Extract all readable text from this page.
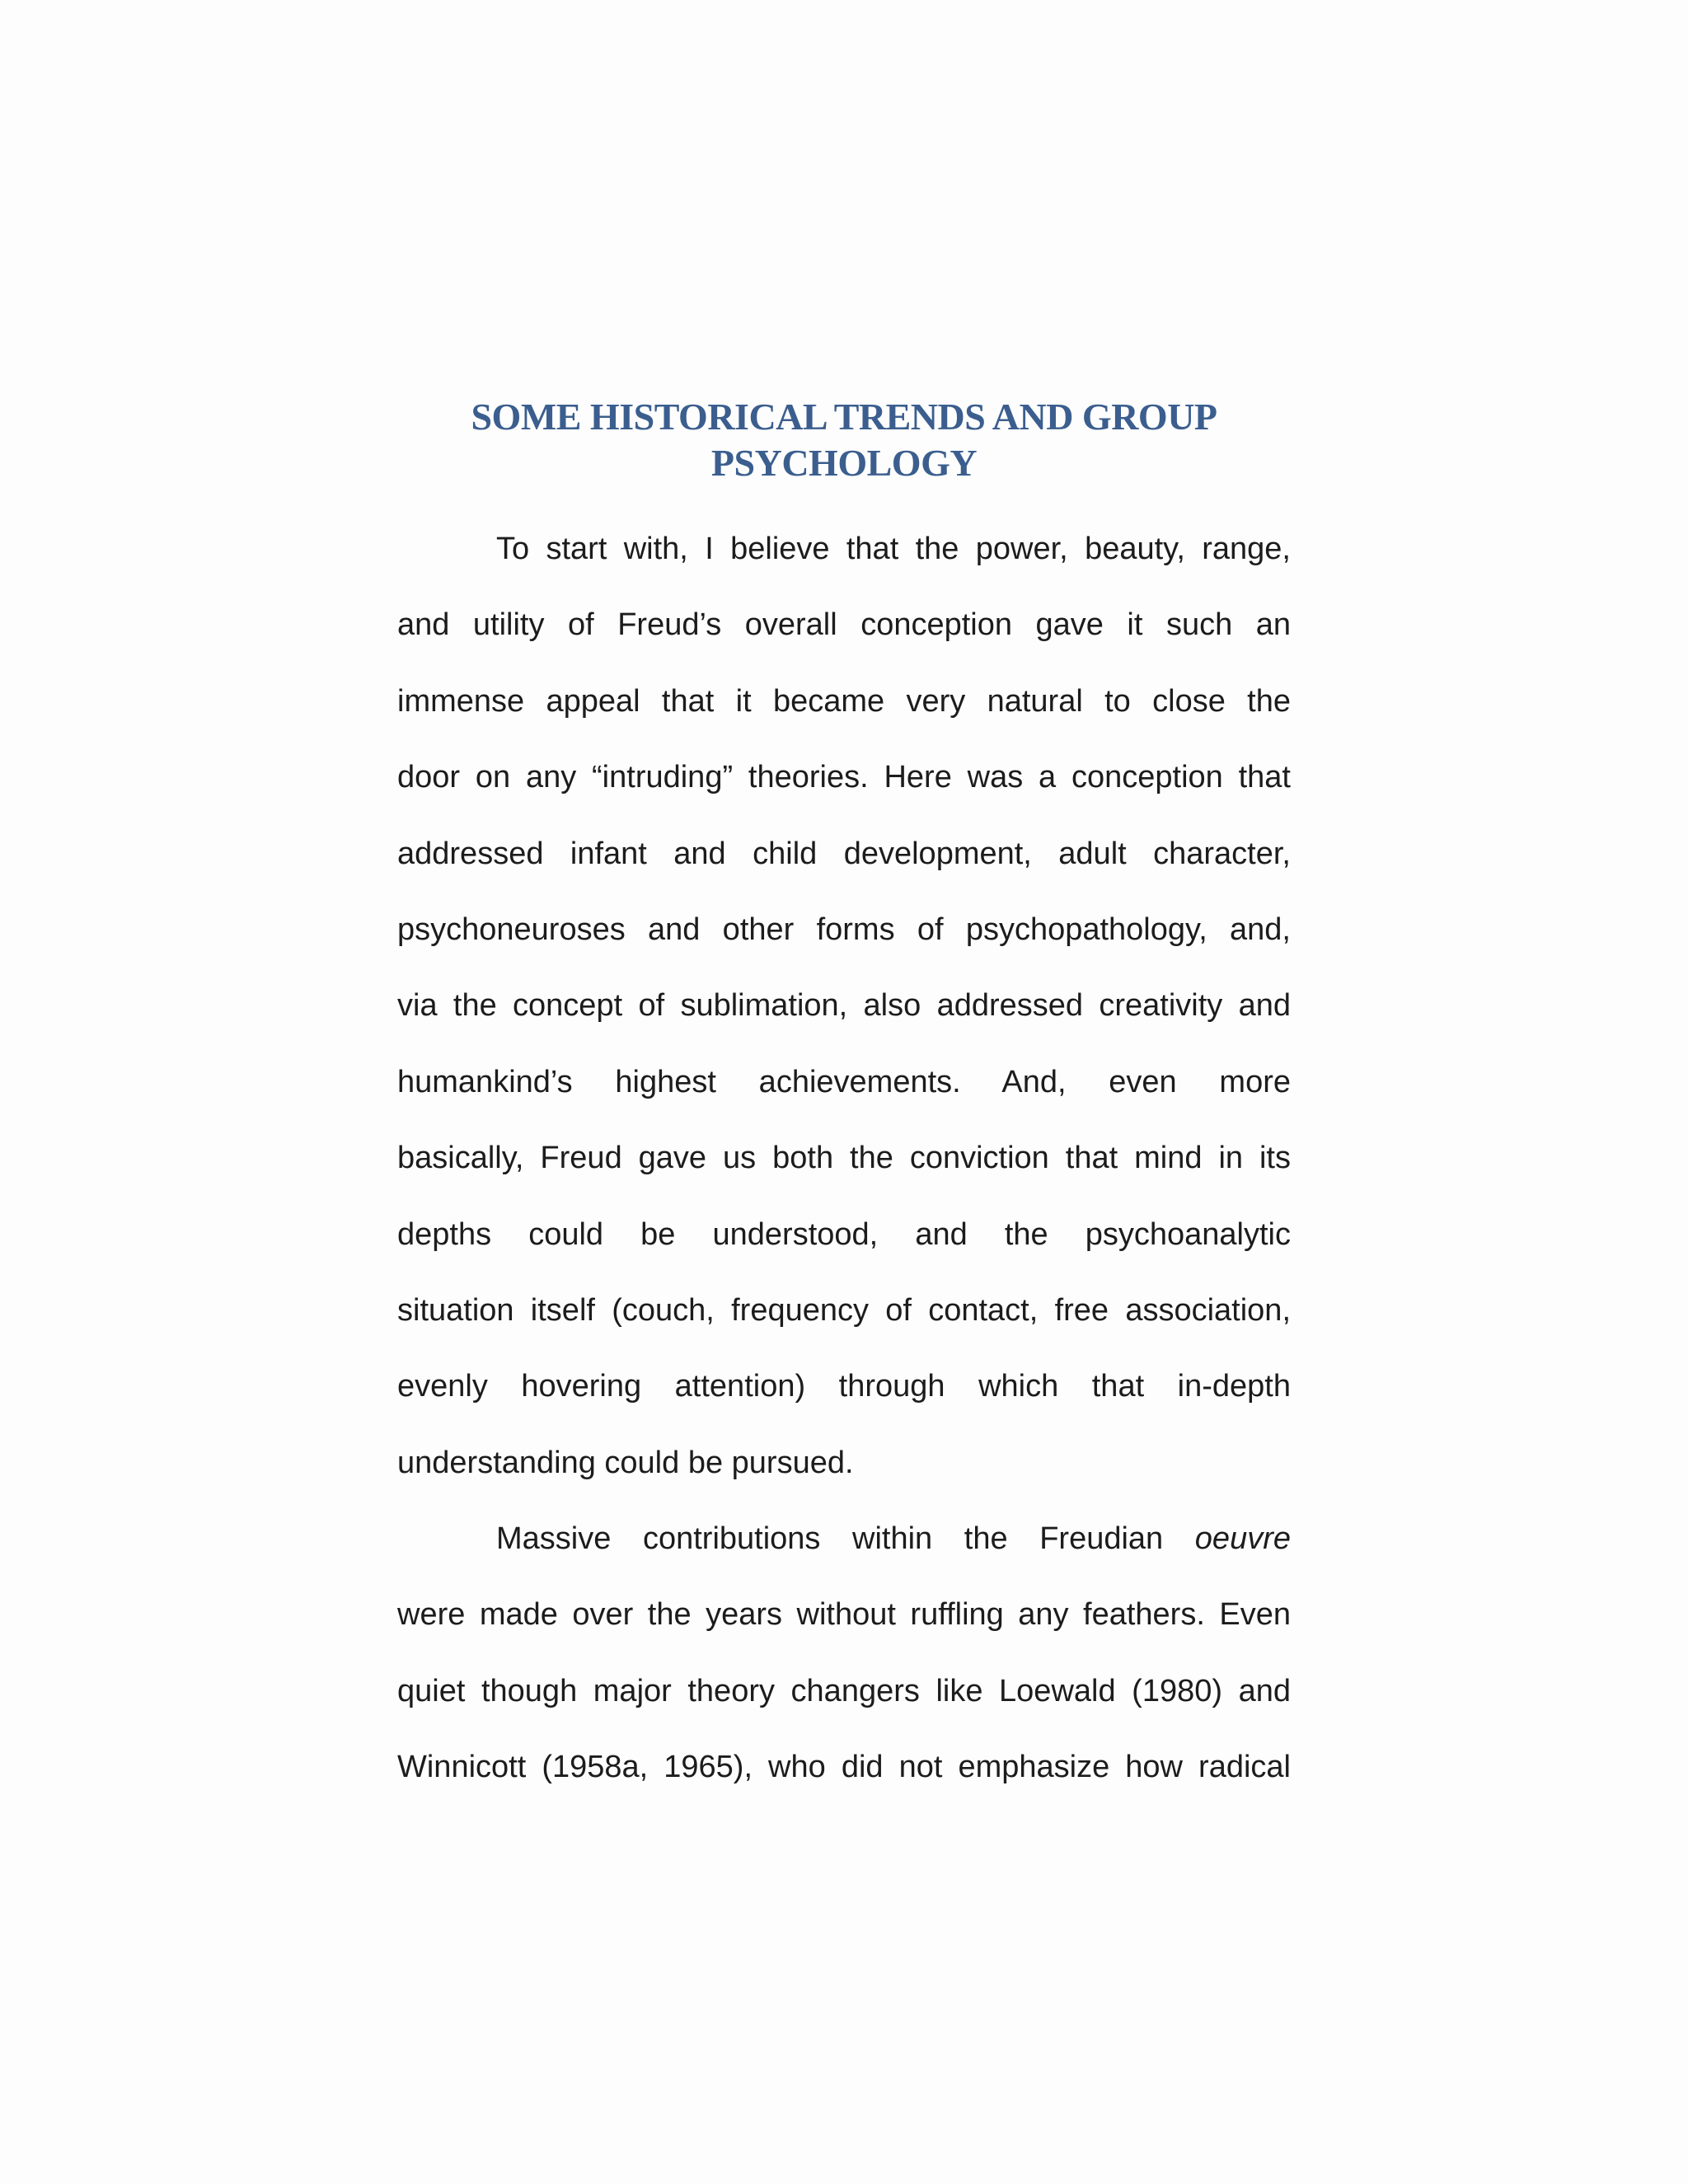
SOME HISTORICAL TRENDS AND GROUP
PSYCHOLOGY
To start with, I believe that the power, beauty, range,
and utility of Freud’s overall conception gave it such an
immense appeal that it became very natural to close the
door on any “intruding” theories. Here was a conception that
addressed infant and child development, adult character,
psychoneuroses and other forms of psychopathology, and,
via the concept of sublimation, also addressed creativity and
humankind’s highest achievements. And, even more
basically, Freud gave us both the conviction that mind in its
depths could be understood, and the psychoanalytic
situation itself (couch, frequency of contact, free association,
evenly hovering attention) through which that in-depth
understanding could be pursued.
Massive contributions within the Freudian oeuvre
were made over the years without ruffling any feathers. Even
quiet though major theory changers like Loewald (1980) and
Winnicott (1958a, 1965), who did not emphasize how radical
